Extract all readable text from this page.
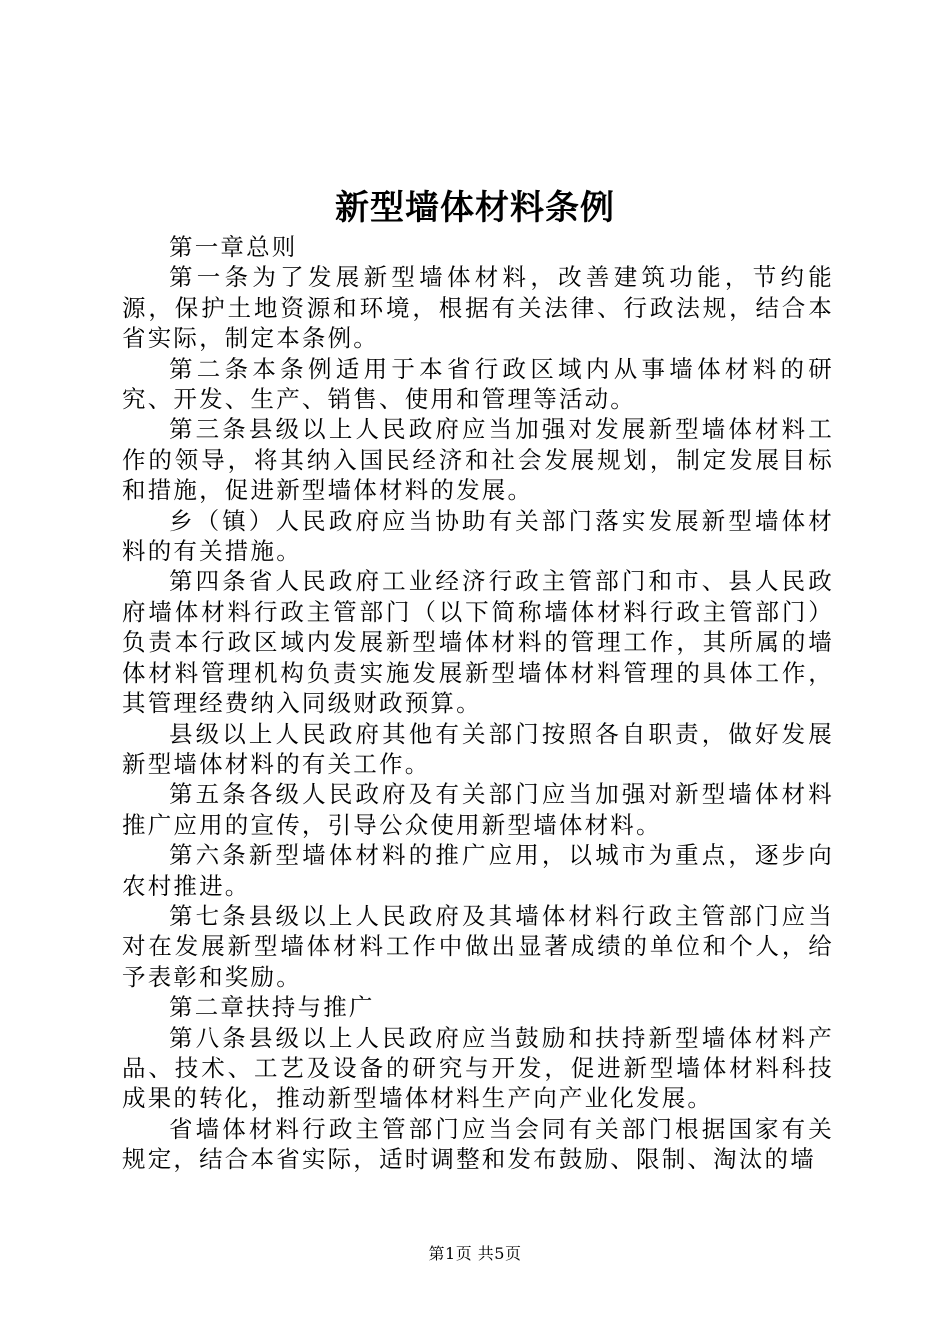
新型墙体材料条例

第一章总则

第一条为了发展新型墙体材料，改善建筑功能，节约能源，保护土地资源和环境，根据有关法律、行政法规，结合本省实际，制定本条例。

第二条本条例适用于本省行政区域内从事墙体材料的研究、开发、生产、销售、使用和管理等活动。

第三条县级以上人民政府应当加强对发展新型墙体材料工作的领导，将其纳入国民经济和社会发展规划，制定发展目标和措施，促进新型墙体材料的发展。

乡（镇）人民政府应当协助有关部门落实发展新型墙体材料的有关措施。

第四条省人民政府工业经济行政主管部门和市、县人民政府墙体材料行政主管部门（以下简称墙体材料行政主管部门）负责本行政区域内发展新型墙体材料的管理工作，其所属的墙体材料管理机构负责实施发展新型墙体材料管理的具体工作，其管理经费纳入同级财政预算。

县级以上人民政府其他有关部门按照各自职责，做好发展新型墙体材料的有关工作。

第五条各级人民政府及有关部门应当加强对新型墙体材料推广应用的宣传，引导公众使用新型墙体材料。

第六条新型墙体材料的推广应用，以城市为重点，逐步向农村推进。

第七条县级以上人民政府及其墙体材料行政主管部门应当对在发展新型墙体材料工作中做出显著成绩的单位和个人，给予表彰和奖励。

第二章扶持与推广

第八条县级以上人民政府应当鼓励和扶持新型墙体材料产品、技术、工艺及设备的研究与开发，促进新型墙体材料科技成果的转化，推动新型墙体材料生产向产业化发展。

省墙体材料行政主管部门应当会同有关部门根据国家有关规定，结合本省实际，适时调整和发布鼓励、限制、淘汰的墙

第1页 共5页
